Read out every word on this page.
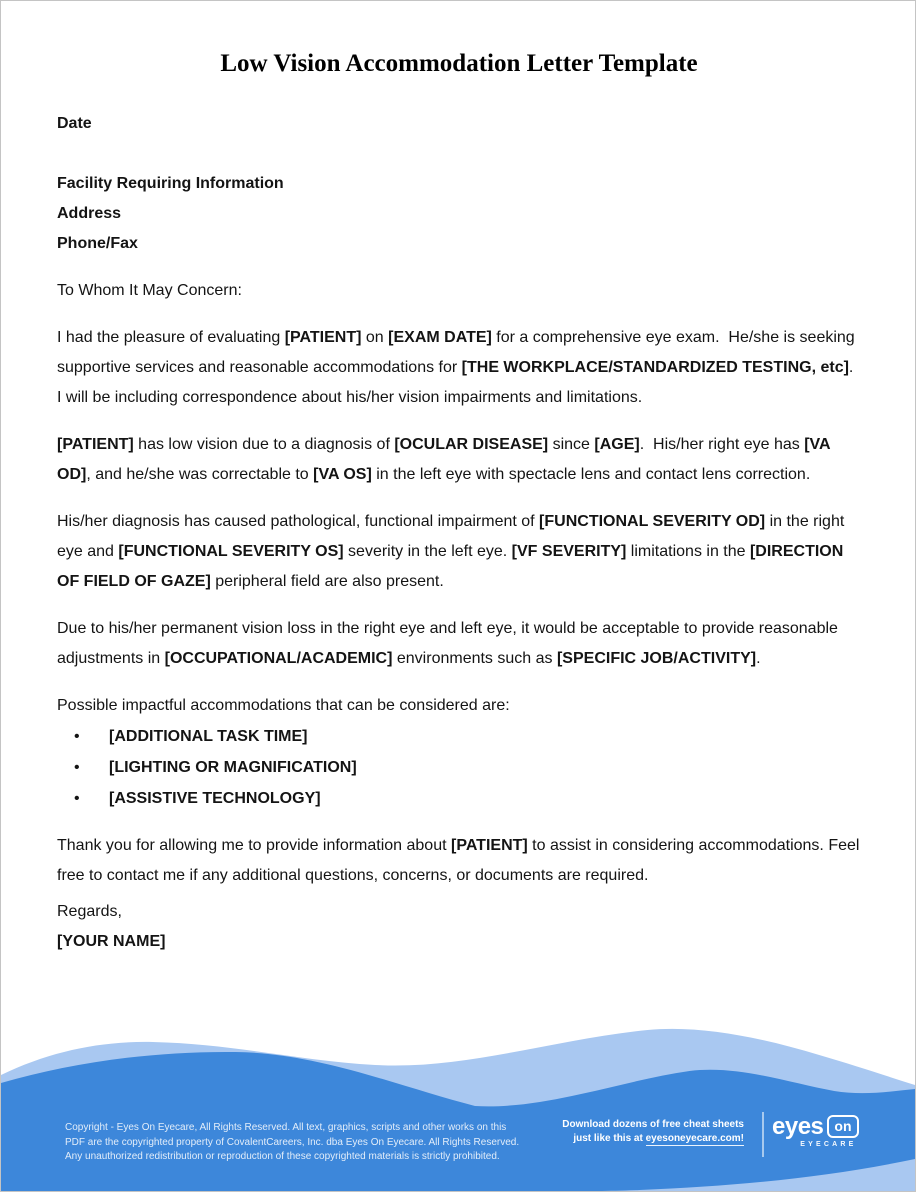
Low Vision Accommodation Letter Template

Date

Facility Requiring Information

Address

Phone/Fax

To Whom It May Concern:

I had the pleasure of evaluating [PATIENT] on [EXAM DATE] for a comprehensive eye exam.  He/she is seeking supportive services and reasonable accommodations for [THE WORKPLACE/STANDARDIZED TESTING, etc]. I will be including correspondence about his/her vision impairments and limitations.

[PATIENT] has low vision due to a diagnosis of [OCULAR DISEASE] since [AGE].  His/her right eye has [VA OD], and he/she was correctable to [VA OS] in the left eye with spectacle lens and contact lens correction.

His/her diagnosis has caused pathological, functional impairment of [FUNCTIONAL SEVERITY OD] in the right eye and [FUNCTIONAL SEVERITY OS] severity in the left eye. [VF SEVERITY] limitations in the [DIRECTION OF FIELD OF GAZE] peripheral field are also present.

Due to his/her permanent vision loss in the right eye and left eye, it would be acceptable to provide reasonable adjustments in [OCCUPATIONAL/ACADEMIC] environments such as [SPECIFIC JOB/ACTIVITY].

Possible impactful accommodations that can be considered are:

•	[ADDITIONAL TASK TIME]
•	[LIGHTING OR MAGNIFICATION]
•	[ASSISTIVE TECHNOLOGY]

Thank you for allowing me to provide information about [PATIENT] to assist in considering accommodations. Feel free to contact me if any additional questions, concerns, or documents are required.

Regards,

[YOUR NAME]

Copyright - Eyes On Eyecare, All Rights Reserved. All text, graphics, scripts and other works on this
PDF are the copyrighted property of CovalentCareers, Inc. dba Eyes On Eyecare. All Rights Reserved.
Any unauthorized redistribution or reproduction of these copyrighted materials is strictly prohibited.
Download dozens of free cheat sheets
just like this at eyesoneyecare.com! eyes on
EYECARE
